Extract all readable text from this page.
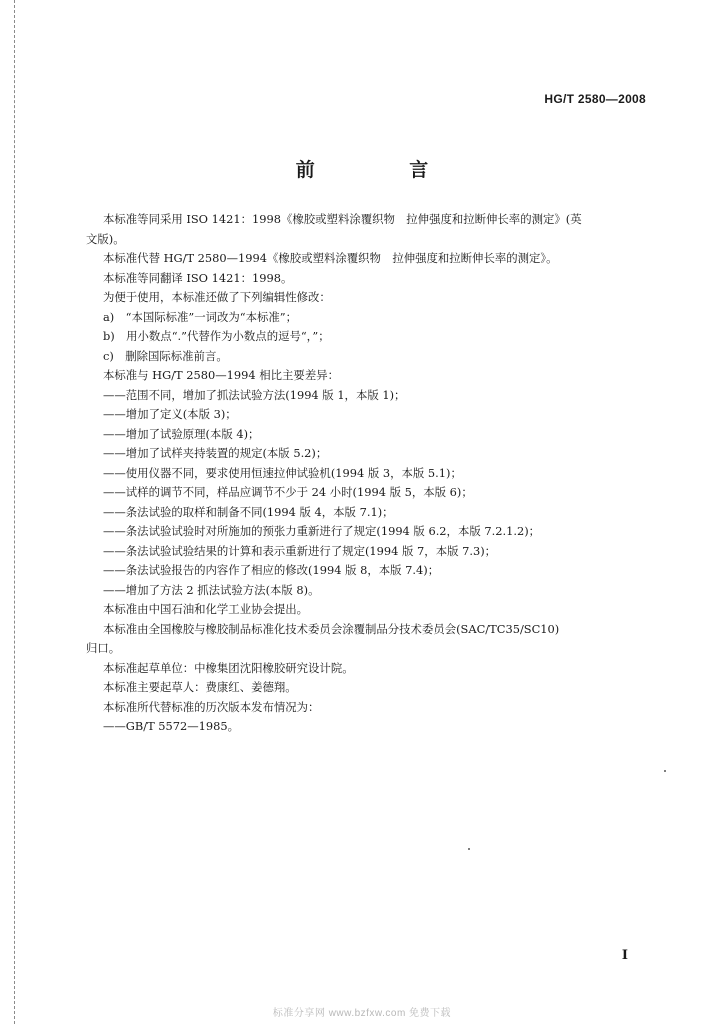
HG/T 2580—2008
前 言
本标准等同采用 ISO 1421：1998《橡胶或塑料涂覆织物　拉伸强度和拉断伸长率的测定》(英
文版)。
本标准代替 HG/T 2580—1994《橡胶或塑料涂覆织物　拉伸强度和拉断伸长率的测定》。
本标准等同翻译 ISO 1421：1998。
为便于使用，本标准还做了下列编辑性修改：
a)　“本国际标准”一词改为“本标准”；
b)　用小数点“.”代替作为小数点的逗号“，”；
c)　删除国际标准前言。
本标准与 HG/T 2580—1994 相比主要差异：
——范围不同，增加了抓法试验方法(1994 版 1，本版 1)；
——增加了定义(本版 3)；
——增加了试验原理(本版 4)；
——增加了试样夹持装置的规定(本版 5.2)；
——使用仪器不同，要求使用恒速拉伸试验机(1994 版 3，本版 5.1)；
——试样的调节不同，样品应调节不少于 24 小时(1994 版 5，本版 6)；
——条法试验的取样和制备不同(1994 版 4，本版 7.1)；
——条法试验试验时对所施加的预张力重新进行了规定(1994 版 6.2，本版 7.2.1.2)；
——条法试验试验结果的计算和表示重新进行了规定(1994 版 7，本版 7.3)；
——条法试验报告的内容作了相应的修改(1994 版 8，本版 7.4)；
——增加了方法 2 抓法试验方法(本版 8)。
本标准由中国石油和化学工业协会提出。
本标准由全国橡胶与橡胶制品标准化技术委员会涂覆制品分技术委员会(SAC/TC35/SC10)
归口。
本标准起草单位：中橡集团沈阳橡胶研究设计院。
本标准主要起草人：费康红、姜德翔。
本标准所代替标准的历次版本发布情况为：
——GB/T 5572—1985。
I
标准分享网 www.bzfxw.com 免费下载
